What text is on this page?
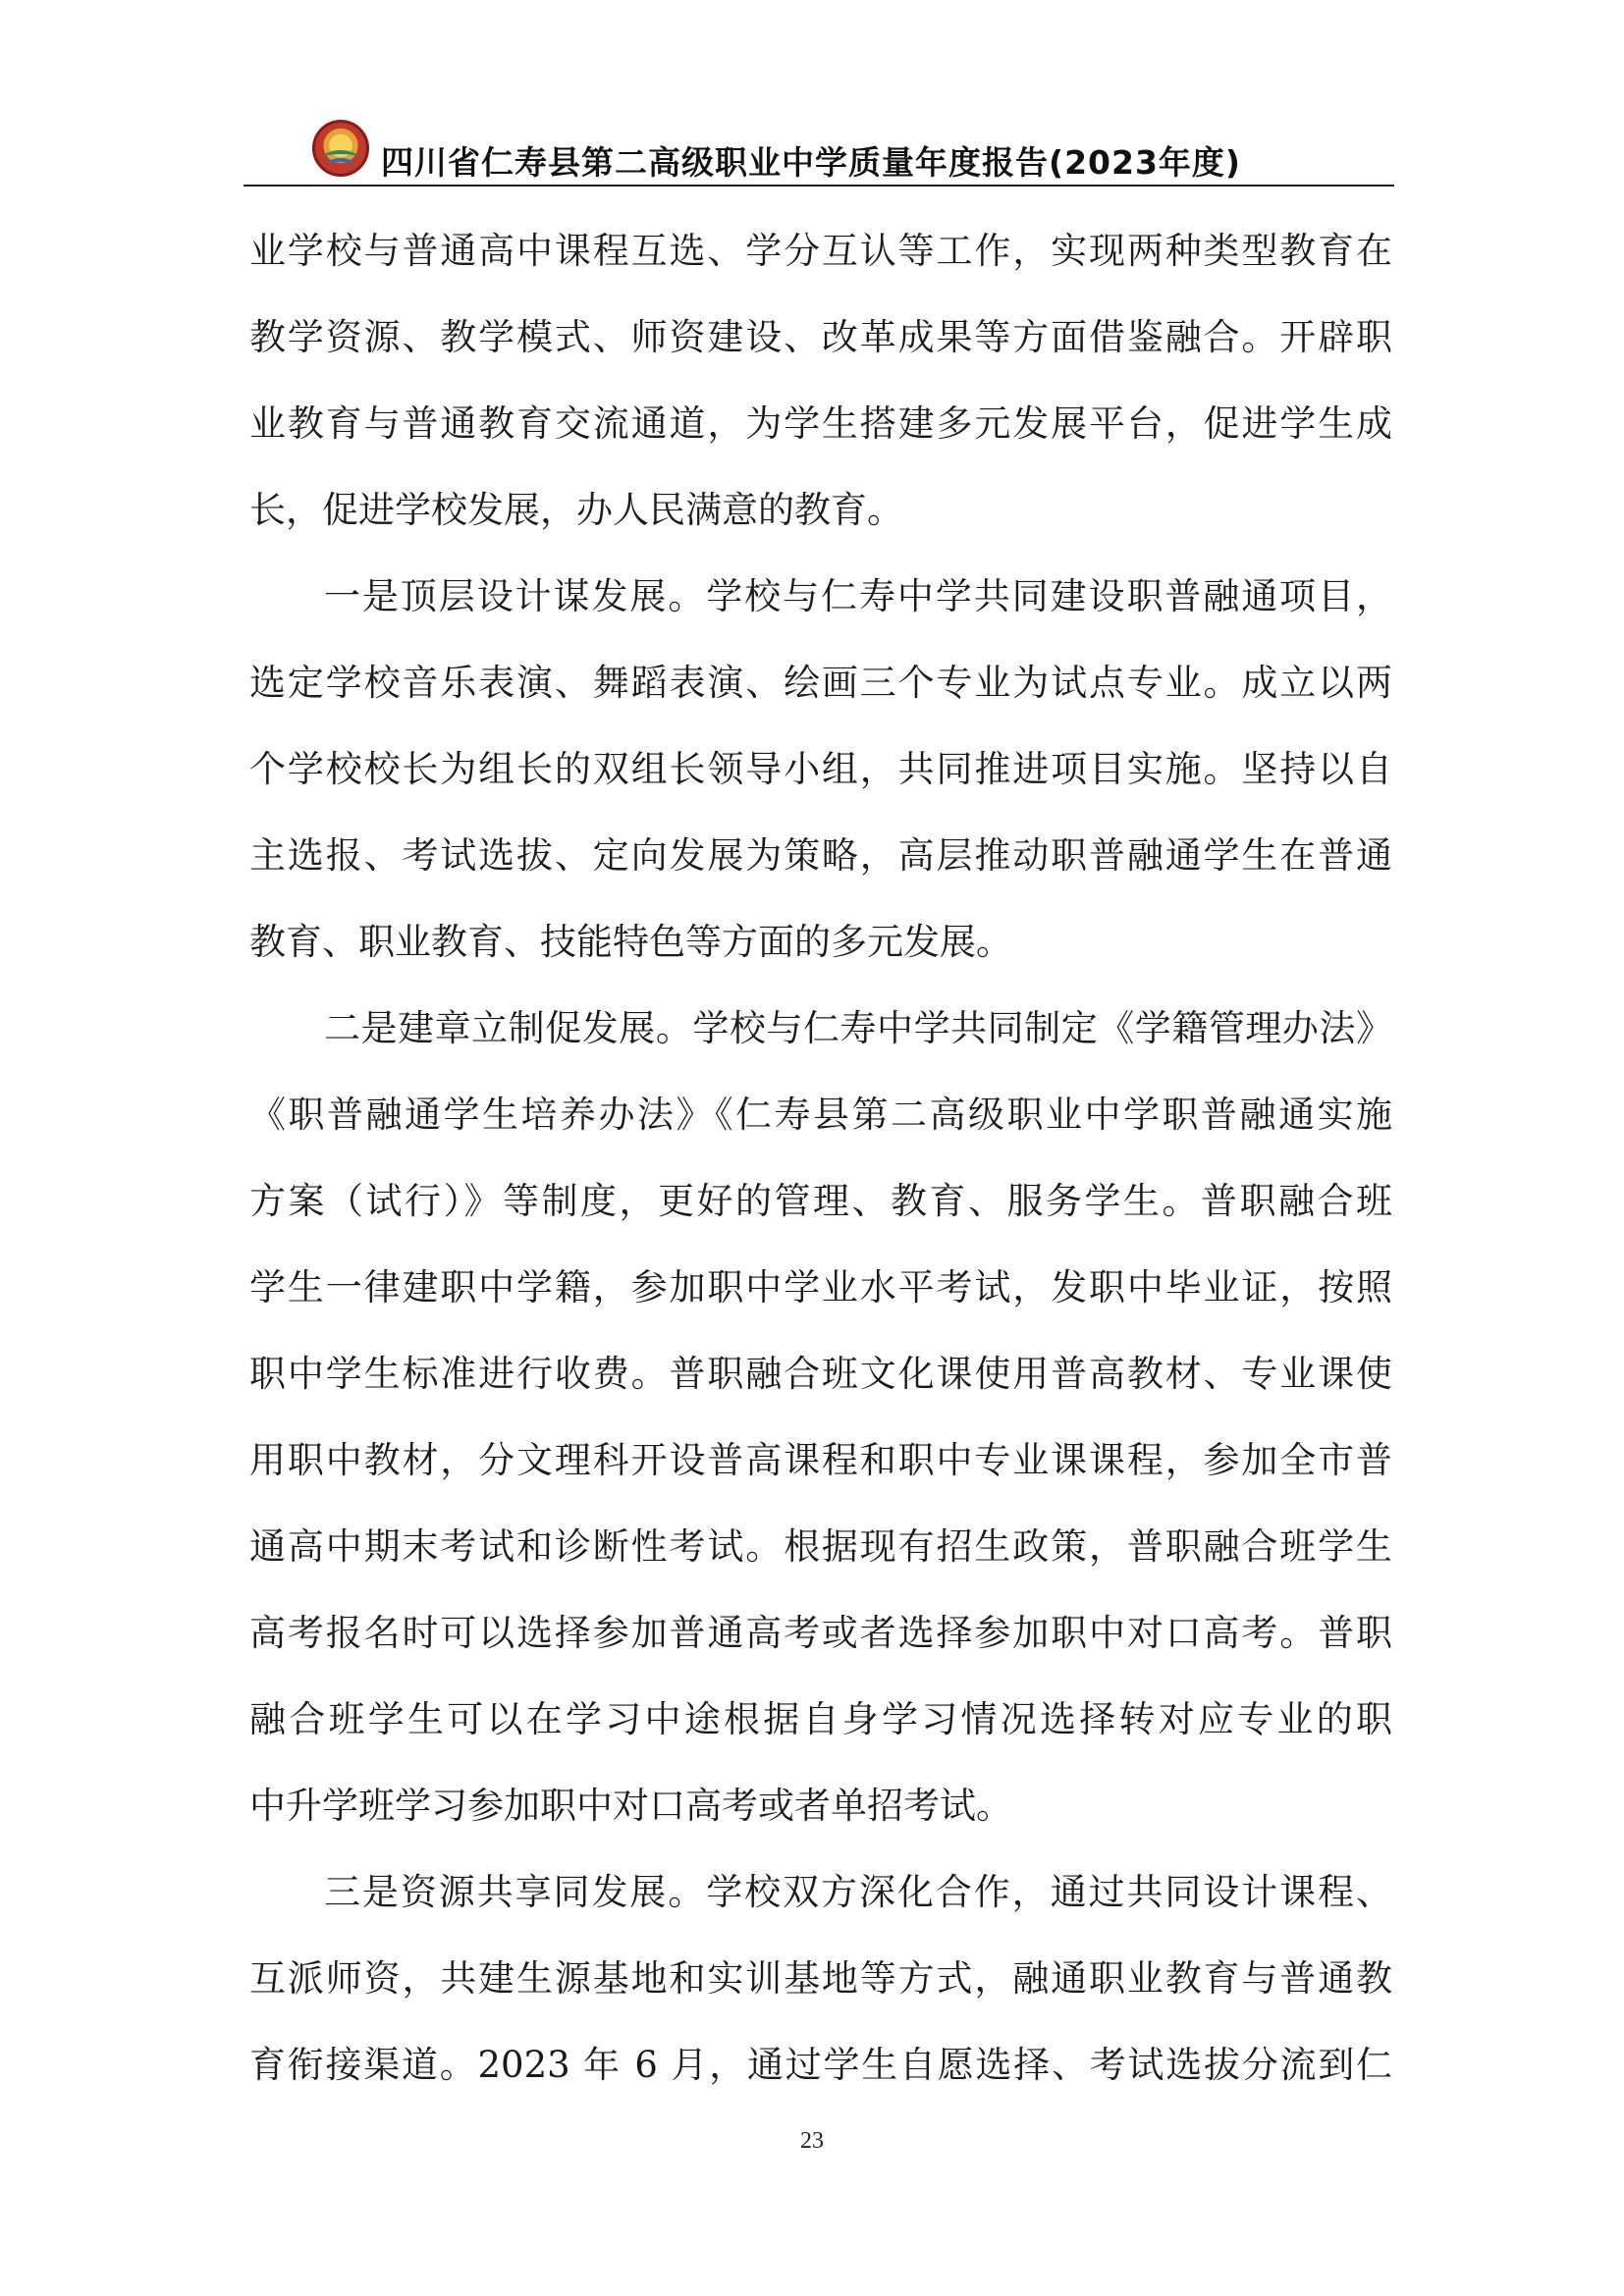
四川省仁寿县第二高级职业中学质量年度报告(2023年度)
业学校与普通高中课程互选、学分互认等工作，实现两种类型教育在
教学资源、教学模式、师资建设、改革成果等方面借鉴融合。开辟职
业教育与普通教育交流通道，为学生搭建多元发展平台，促进学生成
长，促进学校发展，办人民满意的教育。
一是顶层设计谋发展。学校与仁寿中学共同建设职普融通项目，
选定学校音乐表演、舞蹈表演、绘画三个专业为试点专业。成立以两
个学校校长为组长的双组长领导小组，共同推进项目实施。坚持以自
主选报、考试选拔、定向发展为策略，高层推动职普融通学生在普通
教育、职业教育、技能特色等方面的多元发展。
二是建章立制促发展。学校与仁寿中学共同制定《学籍管理办法》
《职普融通学生培养办法》《仁寿县第二高级职业中学职普融通实施
方案（试行）》等制度，更好的管理、教育、服务学生。普职融合班
学生一律建职中学籍，参加职中学业水平考试，发职中毕业证，按照
职中学生标准进行收费。普职融合班文化课使用普高教材、专业课使
用职中教材，分文理科开设普高课程和职中专业课课程，参加全市普
通高中期末考试和诊断性考试。根据现有招生政策，普职融合班学生
高考报名时可以选择参加普通高考或者选择参加职中对口高考。普职
融合班学生可以在学习中途根据自身学习情况选择转对应专业的职
中升学班学习参加职中对口高考或者单招考试。
三是资源共享同发展。学校双方深化合作，通过共同设计课程、
互派师资，共建生源基地和实训基地等方式，融通职业教育与普通教
育衔接渠道。2023 年 6 月，通过学生自愿选择、考试选拔分流到仁
23
